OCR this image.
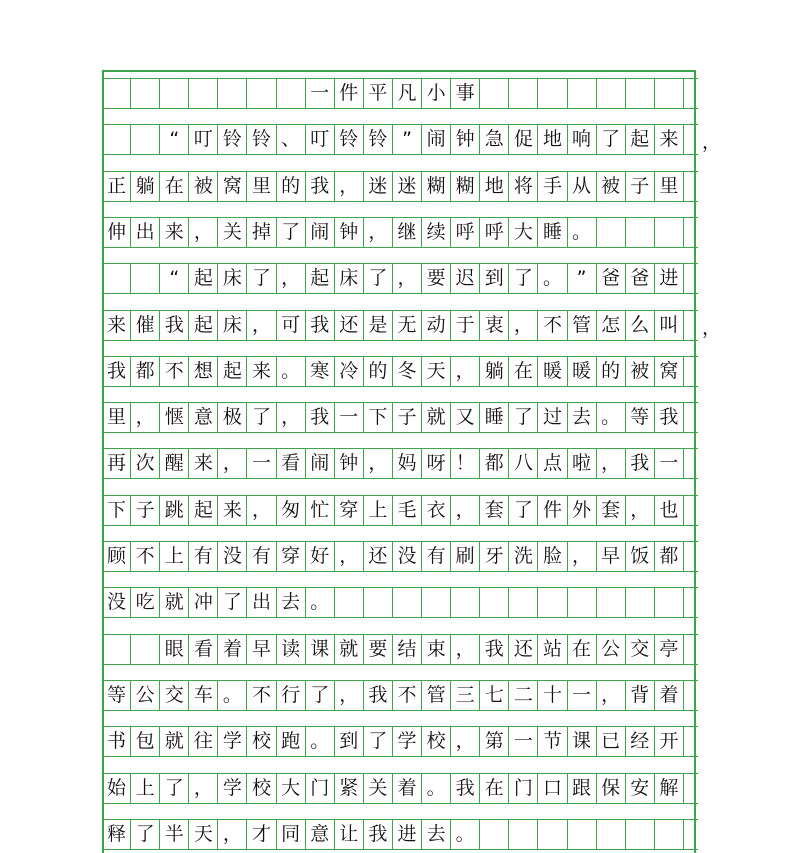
一 件 平 凡 小 事
“ 叮 铃 铃 、 叮 铃 铃 ” 闹 钟 急 促 地 响 了 起 来
正 躺 在 被 窝 里 的 我 ， 迷 迷 糊 糊 地 将 手 从 被 子 里
伸 出 来 ， 关 掉 了 闹 钟 ， 继 续 呼 呼 大 睡 。
“ 起 床 了 ， 起 床 了 ， 要 迟 到 了 。 ” 爸 爸 进
来 催 我 起 床 ， 可 我 还 是 无 动 于 衷 ， 不 管 怎 么 叫
我 都 不 想 起 来 。 寒 冷 的 冬 天 ， 躺 在 暖 暖 的 被 窝
里 ， 惬 意 极 了 ， 我 一 下 子 就 又 睡 了 过 去 。 等 我
再 次 醒 来 ， 一 看 闹 钟 ， 妈 呀 ！ 都 八 点 啦 ， 我 一
下 子 跳 起 来 ， 匆 忙 穿 上 毛 衣 ， 套 了 件 外 套 ， 也
顾 不 上 有 没 有 穿 好 ， 还 没 有 刷 牙 洗 脸 ， 早 饭 都
没 吃 就 冲 了 出 去 。
眼 看 着 早 读 课 就 要 结 束 ， 我 还 站 在 公 交 亭
等 公 交 车 。 不 行 了 ， 我 不 管 三 七 二 十 一 ， 背 着
书 包 就 往 学 校 跑 。 到 了 学 校 ， 第 一 节 课 已 经 开
始 上 了 ， 学 校 大 门 紧 关 着 。 我 在 门 口 跟 保 安 解
释 了 半 天 ， 才 同 意 让 我 进 去 。
，
，
